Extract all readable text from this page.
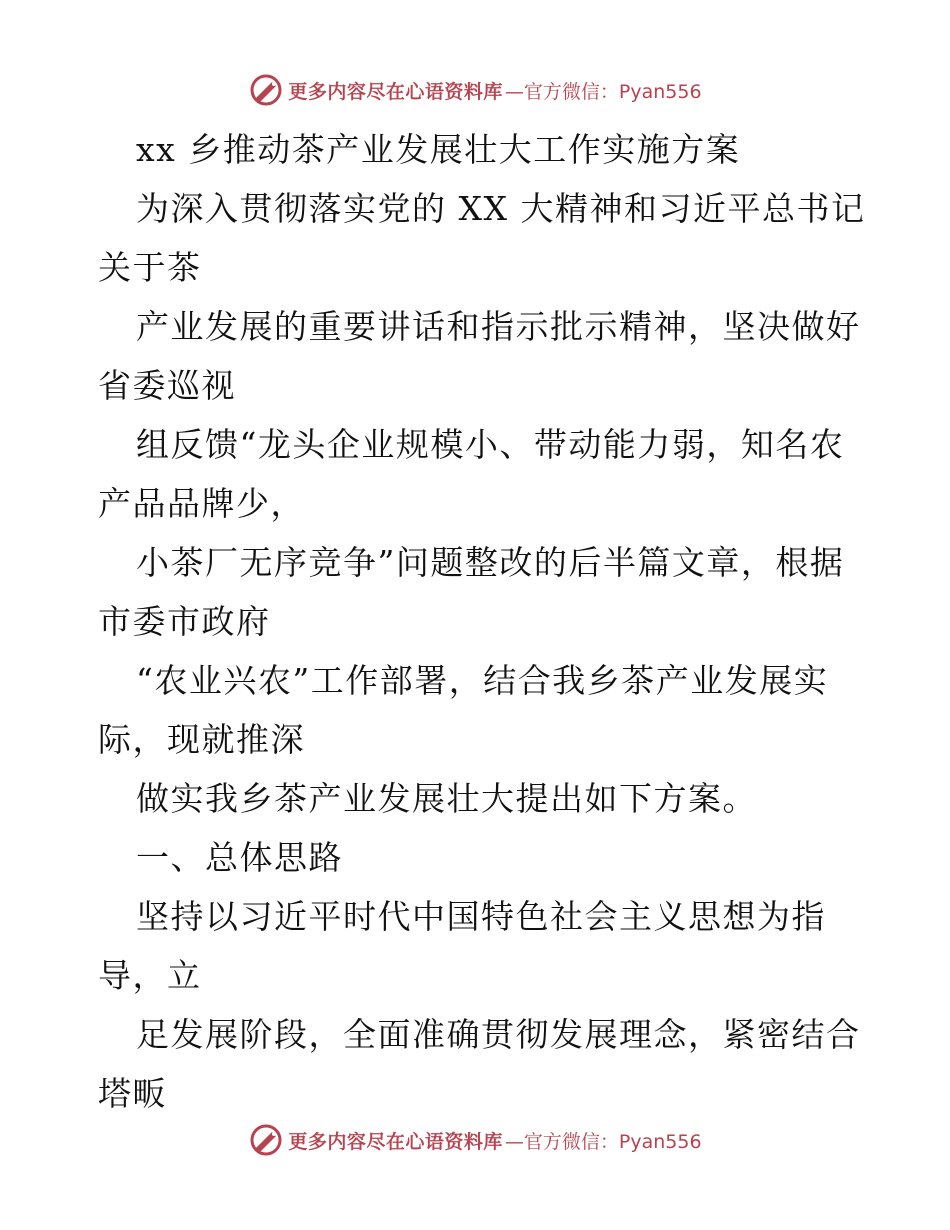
更多内容尽在心语资料库 —官方微信：Pyan556
xx 乡推动茶产业发展壮大工作实施方案
为深入贯彻落实党的 XX 大精神和习近平总书记
关于茶
产业发展的重要讲话和指示批示精神，坚决做好
省委巡视
组反馈“龙头企业规模小、带动能力弱，知名农
产品品牌少，
小茶厂无序竞争”问题整改的后半篇文章，根据
市委市政府
“农业兴农”工作部署，结合我乡茶产业发展实
际，现就推深
做实我乡茶产业发展壮大提出如下方案。
一、总体思路
坚持以习近平时代中国特色社会主义思想为指
导，立
足发展阶段，全面准确贯彻发展理念，紧密结合
塔畈
更多内容尽在心语资料库 —官方微信：Pyan556
